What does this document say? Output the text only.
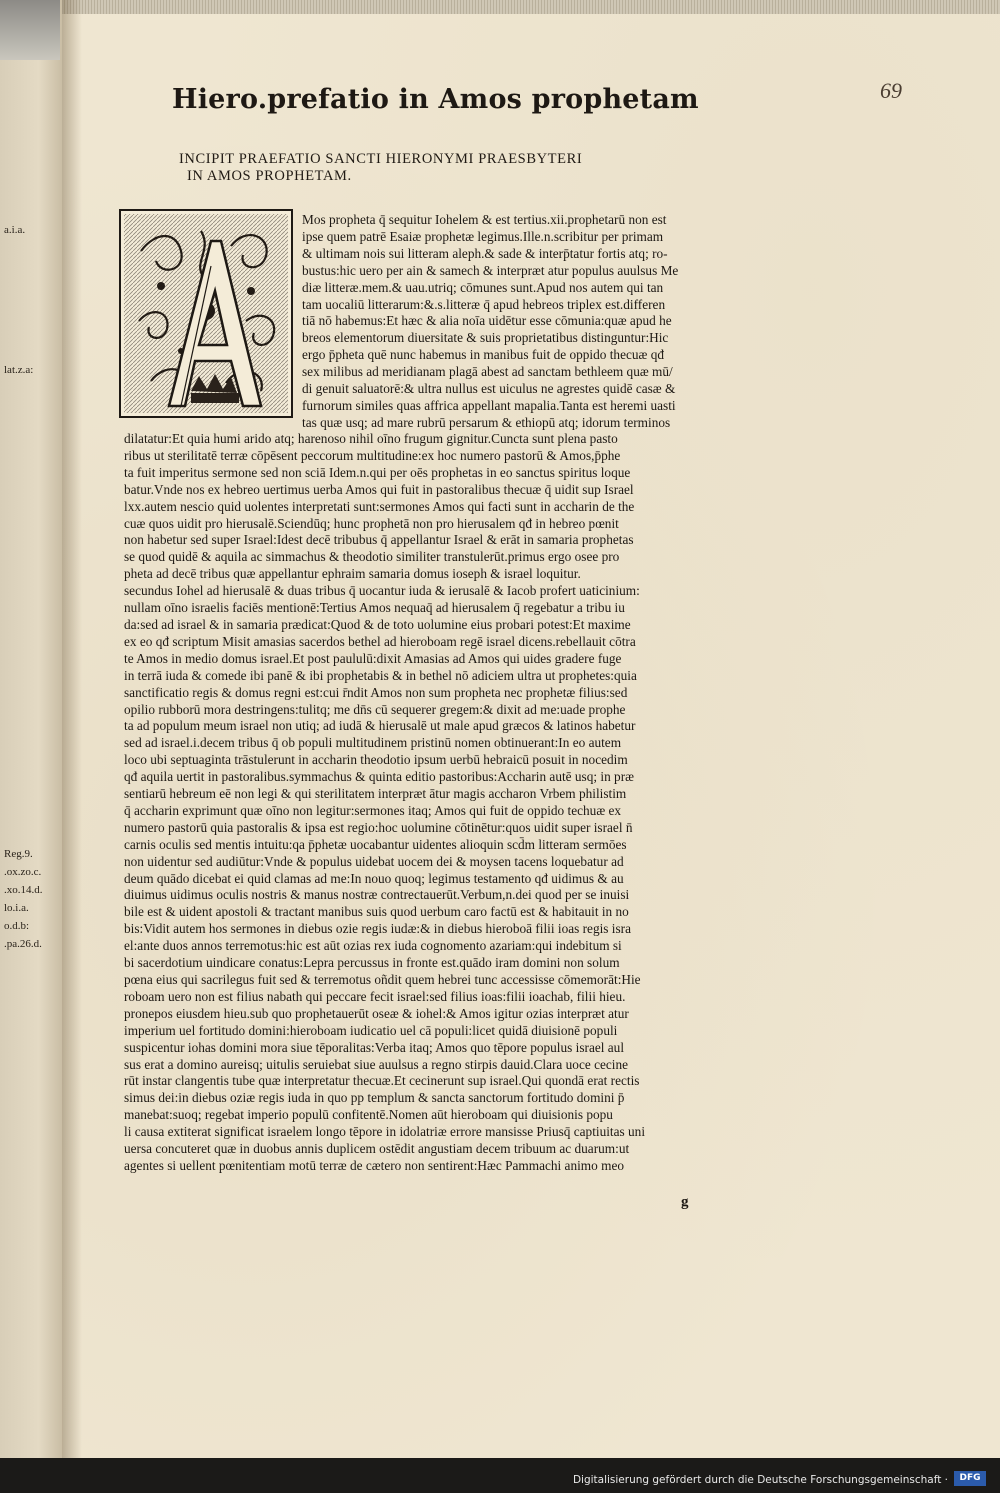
a.i.a.
lat.z.a:
Reg.9.
.ox.zo.c.
.xo.14.d.
lo.i.a.
o.d.b:
.pa.26.d.
69
Hiero.prefatio in Amos prophetam
INCIPIT PRAEFATIO SANCTI HIERONYMI PRAESBYTERI
IN AMOS PROPHETAM.
Mos propheta q̄ sequitur Iohelem & est tertius.xii.prophetarū non est
ipse quem patrē Esaiæ prophetæ legimus.Ille.n.scribitur per primam
& ultimam nois sui litteram aleph.& sade & interp̄tatur fortis atq; ro-
bustus:hic uero per ain & samech & interpræt atur populus auulsus Me
diæ litteræ.mem.& uau.utriq; cōmunes sunt.Apud nos autem qui tan
tam uocaliū litterarum:&.s.litteræ q̄ apud hebreos triplex est.differen
tiā nō habemus:Et hæc & alia noīa uidētur esse cōmunia:quæ apud he
breos elementorum diuersitate & suis proprietatibus distinguntur:Hic
ergo p̄pheta quē nunc habemus in manibus fuit de oppido thecuæ qđ
sex milibus ad meridianam plagā abest ad sanctam bethleem quæ mū/
di genuit saluatorē:& ultra nullus est uiculus ne agrestes quidē casæ &
furnorum similes quas affrica appellant mapalia.Tanta est heremi uasti
tas quæ usq; ad mare rubrū persarum & ethiopū atq; idorum terminos
dilatatur:Et quia humi arido atq; harenoso nihil oīno frugum gignitur.Cuncta sunt plena pasto
ribus ut sterilitatē terræ cōpēsent peccorum multitudine:ex hoc numero pastorū & Amos,p̄phe
ta fuit imperitus sermone sed non sciā Idem.n.qui per oēs prophetas in eo sanctus spiritus loque
batur.Vnde nos ex hebreo uertimus uerba Amos qui fuit in pastoralibus thecuæ q̄ uidit sup Israel
lxx.autem nescio quid uolentes interpretati sunt:sermones Amos qui facti sunt in accharin de the
cuæ quos uidit pro hierusalē.Sciendūq; hunc prophetā non pro hierusalem qđ in hebreo pœnit
non habetur sed super Israel:Idest decē tribubus q̄ appellantur Israel & erāt in samaria prophetas
se quod quidē & aquila ac simmachus & theodotio similiter transtulerūt.primus ergo osee pro
pheta ad decē tribus quæ appellantur ephraim samaria domus ioseph & israel loquitur.
secundus Iohel ad hierusalē & duas tribus q̄ uocantur iuda & ierusalē & Iacob profert uaticinium:
nullam oīno israelis faciēs mentionē:Tertius Amos nequaq̄ ad hierusalem q̄ regebatur a tribu iu
da:sed ad israel & in samaria prædicat:Quod & de toto uolumine eius probari potest:Et maxime
ex eo qđ scriptum Misit amasias sacerdos bethel ad hieroboam regē israel dicens.rebellauit cōtra
te Amos in medio domus israel.Et post paululū:dixit Amasias ad Amos qui uides gradere fuge
in terrā iuda & comede ibi panē & ibi prophetabis & in bethel nō adiciem ultra ut prophetes:quia
sanctificatio regis & domus regni est:cui r̄ndit Amos non sum propheta nec prophetæ filius:sed
opilio rubborū mora destringens:tulitq; me dn̄s cū sequerer gregem:& dixit ad me:uade prophe
ta ad populum meum israel non utiq; ad iudā & hierusalē ut male apud græcos & latinos habetur
sed ad israel.i.decem tribus q̄ ob populi multitudinem pristinū nomen obtinuerant:In eo autem
loco ubi septuaginta trāstulerunt in accharin theodotio ipsum uerbū hebraicū posuit in nocedim
qđ aquila uertit in pastoralibus.symmachus & quinta editio pastoribus:Accharin autē usq; in præ
sentiarū hebreum eē non legi & qui sterilitatem interpræt ātur magis accharon Vrbem philistim
q̄ accharin exprimunt quæ oīno non legitur:sermones itaq; Amos qui fuit de oppido techuæ ex
numero pastorū quia pastoralis & ipsa est regio:hoc uolumine cōtinētur:quos uidit super israel n̄
carnis oculis sed mentis intuitu:qa p̄phetæ uocabantur uidentes alioquin scd̄m litteram sermōes
non uidentur sed audiūtur:Vnde & populus uidebat uocem dei & moysen tacens loquebatur ad
deum quādo dicebat ei quid clamas ad me:In nouo quoq; legimus testamento qđ uidimus & au
diuimus uidimus oculis nostris & manus nostræ contrectauerūt.Verbum,n.dei quod per se inuisi
bile est & uident apostoli & tractant manibus suis quod uerbum caro factū est & habitauit in no
bis:Vidit autem hos sermones in diebus ozie regis iudæ:& in diebus hieroboā filii ioas regis isra
el:ante duos annos terremotus:hic est aūt ozias rex iuda cognomento azariam:qui indebitum si
bi sacerdotium uindicare conatus:Lepra percussus in fronte est.quādo iram domini non solum
pœna eius qui sacrilegus fuit sed & terremotus oñdit quem hebrei tunc accessisse cōmemorāt:Hie
roboam uero non est filius nabath qui peccare fecit israel:sed filius ioas:filii ioachab, filii hieu.
pronepos eiusdem hieu.sub quo prophetauerūt oseæ & iohel:& Amos igitur ozias interpræt atur
imperium uel fortitudo domini:hieroboam iudicatio uel cā populi:licet quidā diuisionē populi
suspicentur iohas domini mora siue tēporalitas:Verba itaq; Amos quo tēpore populus israel aul
sus erat a domino aureisq; uitulis seruiebat siue auulsus a regno stirpis dauid.Clara uoce cecine
rūt instar clangentis tube quæ interpretatur thecuæ.Et cecinerunt sup israel.Qui quondā erat rectis
simus dei:in diebus oziæ regis iuda in quo pp templum & sancta sanctorum fortitudo domini p̄
manebat:suoq; regebat imperio populū confitentē.Nomen aūt hieroboam qui diuisionis popu
li causa extiterat significat israelem longo tēpore in idolatriæ errore mansisse Priusq̄ captiuitas uni
uersa concuteret quæ in duobus annis duplicem ostēdit angustiam decem tribuum ac duarum:ut
agentes si uellent pœnitentiam motū terræ de cætero non sentirent:Hæc Pammachi animo meo
g
Digitalisierung gefördert durch die Deutsche Forschungsgemeinschaft ·	DFG
